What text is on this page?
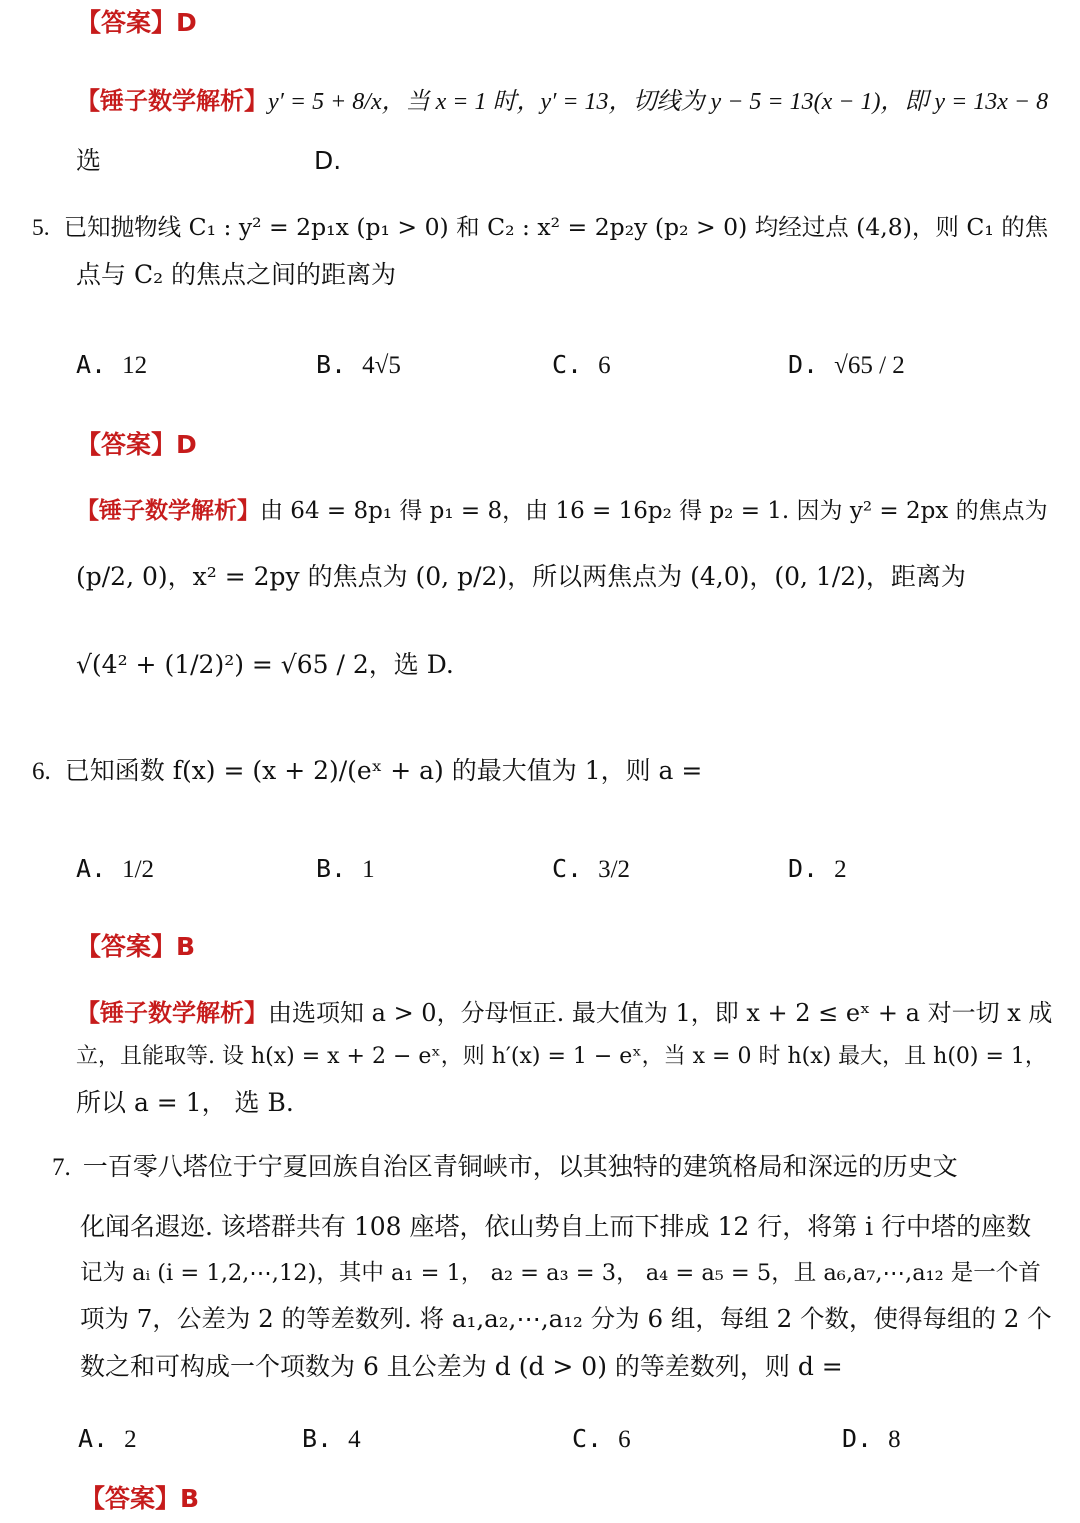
【答案】D
【锤子数学解析】y′ = 5 + 8/x，当 x = 1 时，y′ = 13，切线为 y − 5 = 13(x − 1)，即 y = 13x − 8
选	D.
5. 已知抛物线 C₁ : y² = 2p₁x (p₁ > 0) 和 C₂ : x² = 2p₂y (p₂ > 0) 均经过点 (4,8)，则 C₁ 的焦
点与 C₂ 的焦点之间的距离为
A. 12	B. 4√5	C. 6	D. √65 / 2
【答案】D
【锤子数学解析】由 64 = 8p₁ 得 p₁ = 8，由 16 = 16p₂ 得 p₂ = 1. 因为 y² = 2px 的焦点为
(p/2, 0)，x² = 2py 的焦点为 (0, p/2)，所以两焦点为 (4,0)，(0, 1/2)，距离为
√(4² + (1/2)²) = √65 / 2，选 D.
6. 已知函数 f(x) = (x + 2)/(eˣ + a) 的最大值为 1，则 a =
A. 1/2	B. 1	C. 3/2	D. 2
【答案】B
【锤子数学解析】由选项知 a > 0，分母恒正. 最大值为 1，即 x + 2 ≤ eˣ + a 对一切 x 成
立，且能取等. 设 h(x) = x + 2 − eˣ，则 h′(x) = 1 − eˣ，当 x = 0 时 h(x) 最大，且 h(0) = 1，
所以 a = 1， 选 B.
7. 一百零八塔位于宁夏回族自治区青铜峡市，以其独特的建筑格局和深远的历史文
化闻名遐迩. 该塔群共有 108 座塔，依山势自上而下排成 12 行，将第 i 行中塔的座数
记为 aᵢ (i = 1,2,⋯,12)，其中 a₁ = 1， a₂ = a₃ = 3， a₄ = a₅ = 5，且 a₆,a₇,⋯,a₁₂ 是一个首
项为 7，公差为 2 的等差数列. 将 a₁,a₂,⋯,a₁₂ 分为 6 组，每组 2 个数，使得每组的 2 个
数之和可构成一个项数为 6 且公差为 d (d > 0) 的等差数列，则 d =
A. 2	B. 4	C. 6	D. 8
【答案】B
